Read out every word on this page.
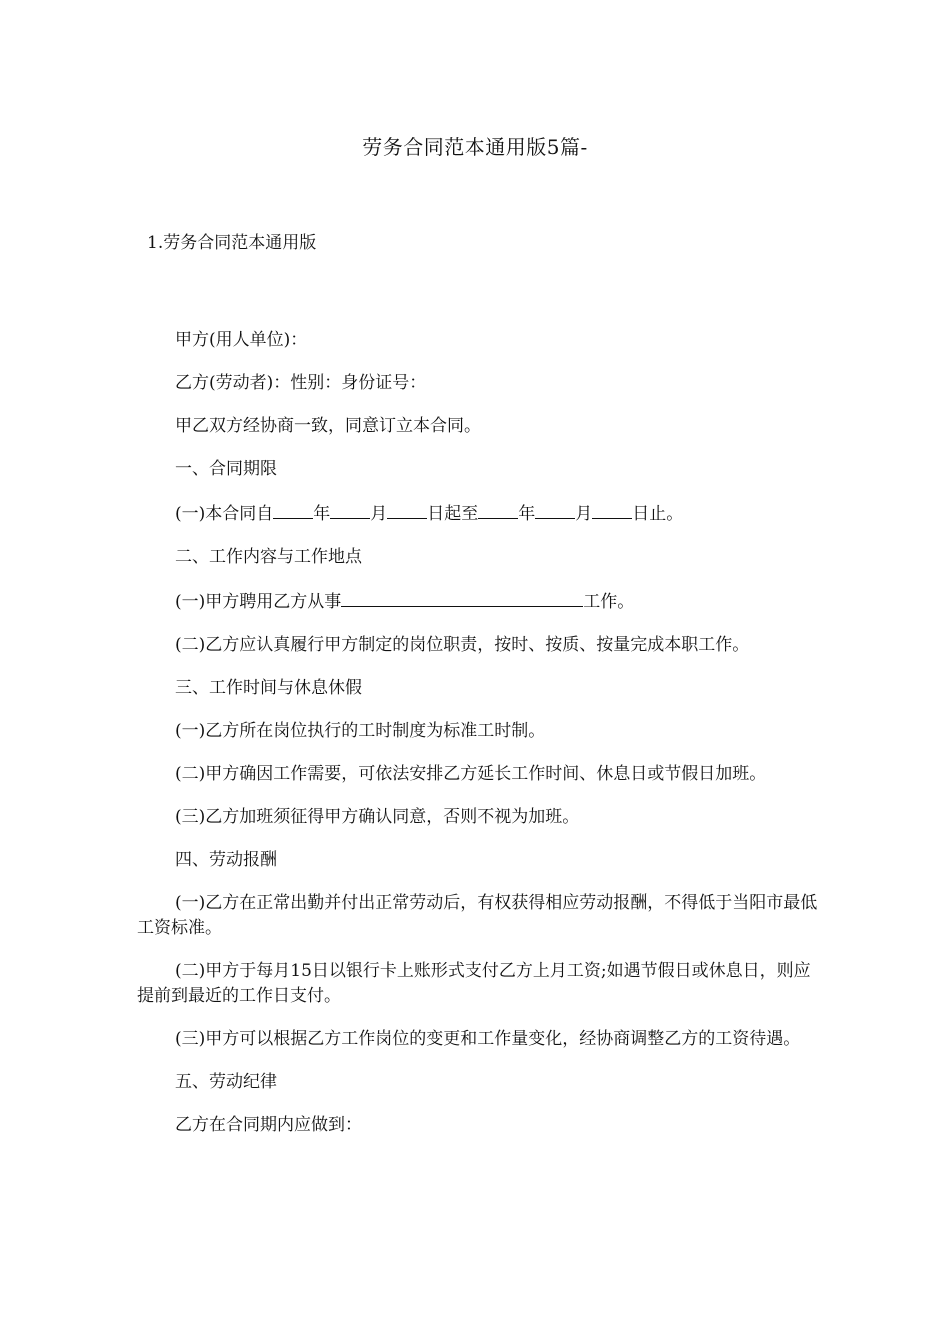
劳务合同范本通用版5篇-
1.劳务合同范本通用版

甲方(用人单位)：

乙方(劳动者)：性别：身份证号：

甲乙双方经协商一致，同意订立本合同。

一、合同期限

(一)本合同自 年 月 日起至 年 月 日止。

二、工作内容与工作地点

(一)甲方聘用乙方从事	工作。

(二)乙方应认真履行甲方制定的岗位职责，按时、按质、按量完成本职工作。

三、工作时间与休息休假

(一)乙方所在岗位执行的工时制度为标准工时制。

(二)甲方确因工作需要，可依法安排乙方延长工作时间、休息日或节假日加班。

(三)乙方加班须征得甲方确认同意，否则不视为加班。

四、劳动报酬

(一)乙方在正常出勤并付出正常劳动后，有权获得相应劳动报酬，不得低于当阳市最低工资标准。

(二)甲方于每月15日以银行卡上账形式支付乙方上月工资;如遇节假日或休息日，则应提前到最近的工作日支付。

(三)甲方可以根据乙方工作岗位的变更和工作量变化，经协商调整乙方的工资待遇。

五、劳动纪律

乙方在合同期内应做到：
